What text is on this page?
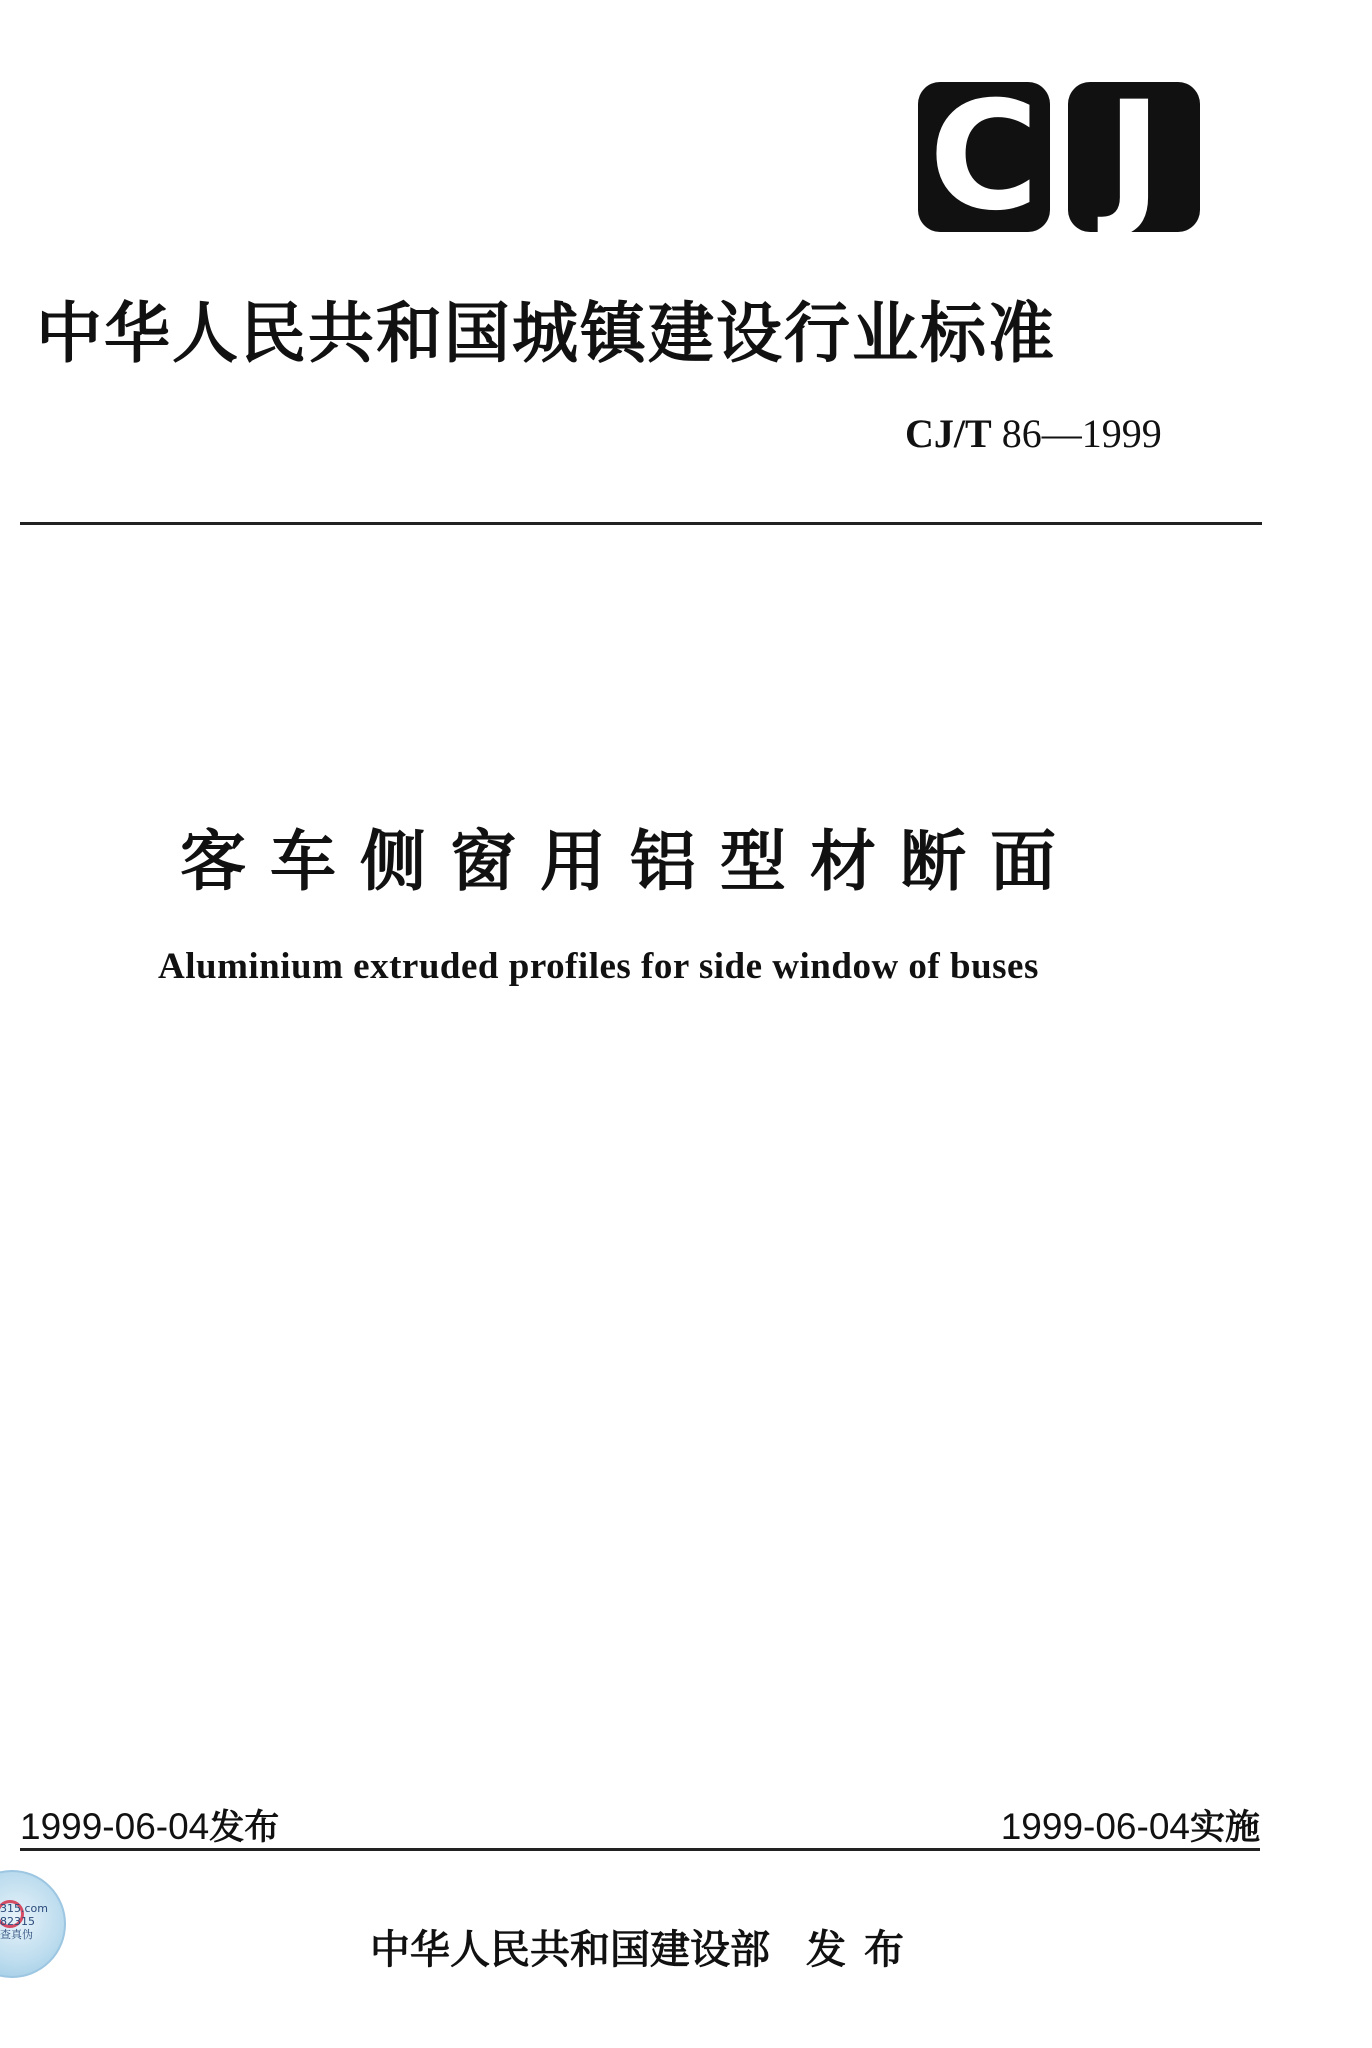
C J
中华人民共和国城镇建设行业标准
CJ/T 86—1999
客车侧窗用铝型材断面
Aluminium extruded profiles for side window of buses
1999-06-04发布	1999-06-04实施
中华人民共和国建设部 发布
315.com
82315
查真伪
